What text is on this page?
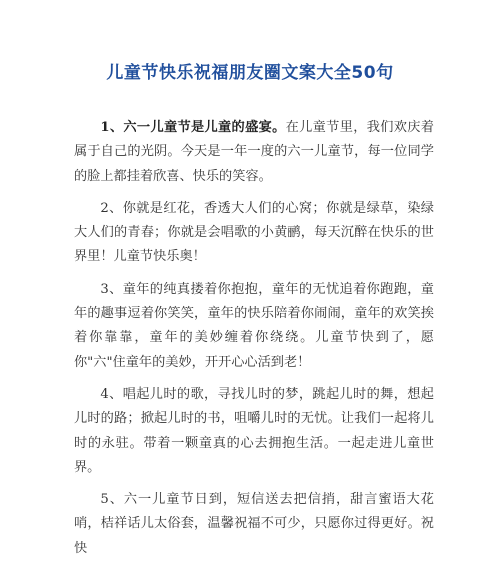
儿童节快乐祝福朋友圈文案大全50句

1、六一儿童节是儿童的盛宴。在儿童节里，我们欢庆着属于自己的光阴。今天是一年一度的六一儿童节，每一位同学的脸上都挂着欣喜、快乐的笑容。

2、你就是红花，香透大人们的心窝；你就是绿草，染绿大人们的青春；你就是会唱歌的小黄鹂，每天沉醉在快乐的世界里！儿童节快乐奥！

3、童年的纯真搂着你抱抱，童年的无忧追着你跑跑，童年的趣事逗着你笑笑，童年的快乐陪着你闹闹，童年的欢笑挨着你靠靠，童年的美妙缠着你绕绕。儿童节快到了，愿你"六"住童年的美妙，开开心心活到老！

4、唱起儿时的歌，寻找儿时的梦，跳起儿时的舞，想起儿时的路；掀起儿时的书，咀嚼儿时的无忧。让我们一起将儿时的永驻。带着一颗童真的心去拥抱生活。一起走进儿童世界。

5、六一儿童节日到，短信送去把信捎，甜言蜜语大花哨，桔祥话儿太俗套，温馨祝福不可少，只愿你过得更好。祝快
